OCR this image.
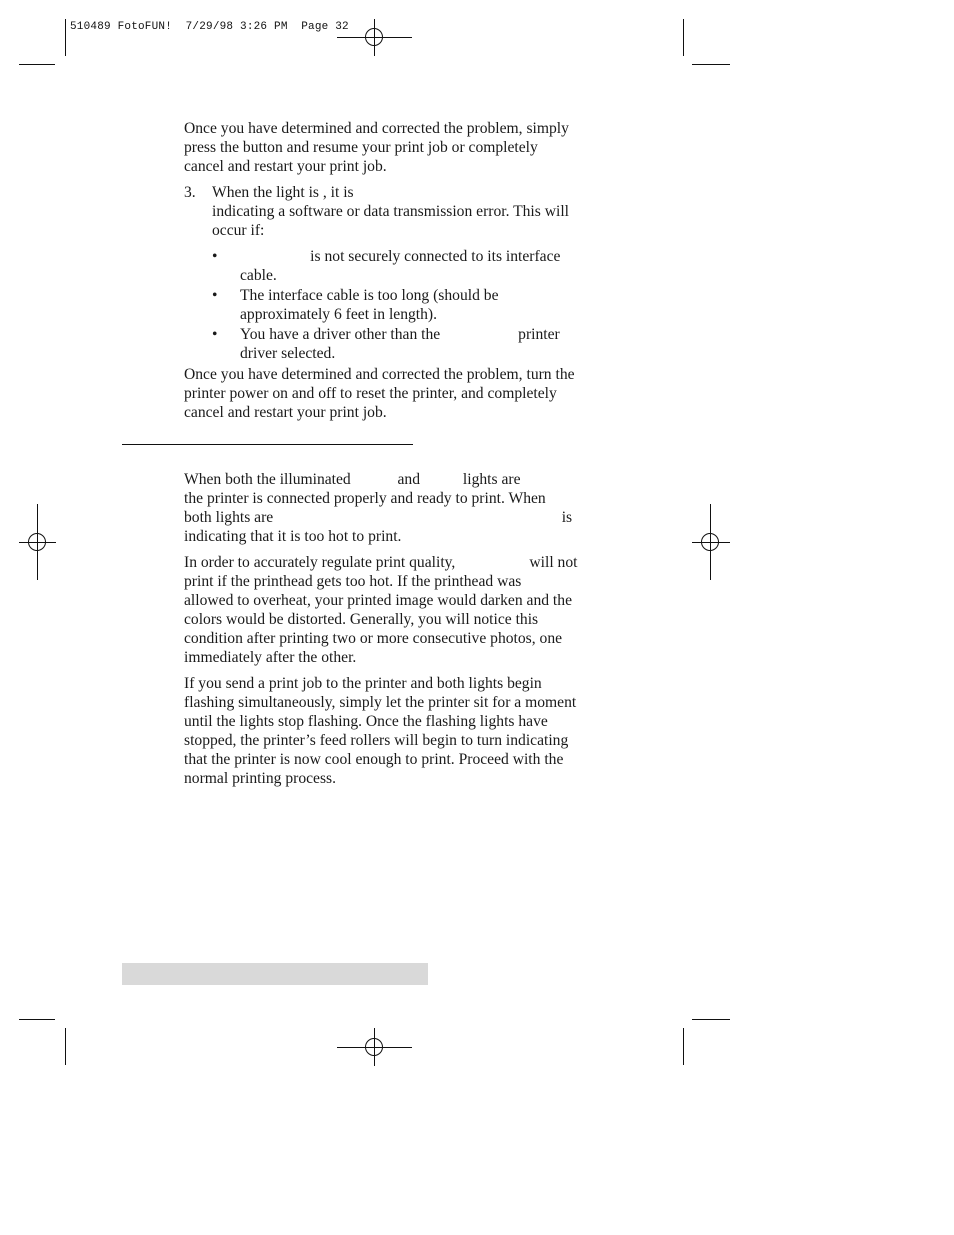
510489 FotoFUN!  7/29/98 3:26 PM  Page 32

Once you have determined and corrected the problem, simply
press the button and resume your print job or completely
cancel and restart your print job.

3. When the light is , it is
indicating a software or data transmission error. This will
occur if:
• is not securely connected to its interface
cable.
• The interface cable is too long (should be
approximately 6 feet in length).
• You have a driver other than the                    printer
driver selected.

Once you have determined and corrected the problem, turn the
printer power on and off to reset the printer, and completely
cancel and restart your print job.

When both the illuminated            and           lights are
the printer is connected properly and ready to print. When
both lights are                                                                          is
indicating that it is too hot to print.

In order to accurately regulate print quality,                   will not
print if the printhead gets too hot. If the printhead was
allowed to overheat, your printed image would darken and the
colors would be distorted. Generally, you will notice this
condition after printing two or more consecutive photos, one
immediately after the other.

If you send a print job to the printer and both lights begin
flashing simultaneously, simply let the printer sit for a moment
until the lights stop flashing. Once the flashing lights have
stopped, the printer’s feed rollers will begin to turn indicating
that the printer is now cool enough to print. Proceed with the
normal printing process.
